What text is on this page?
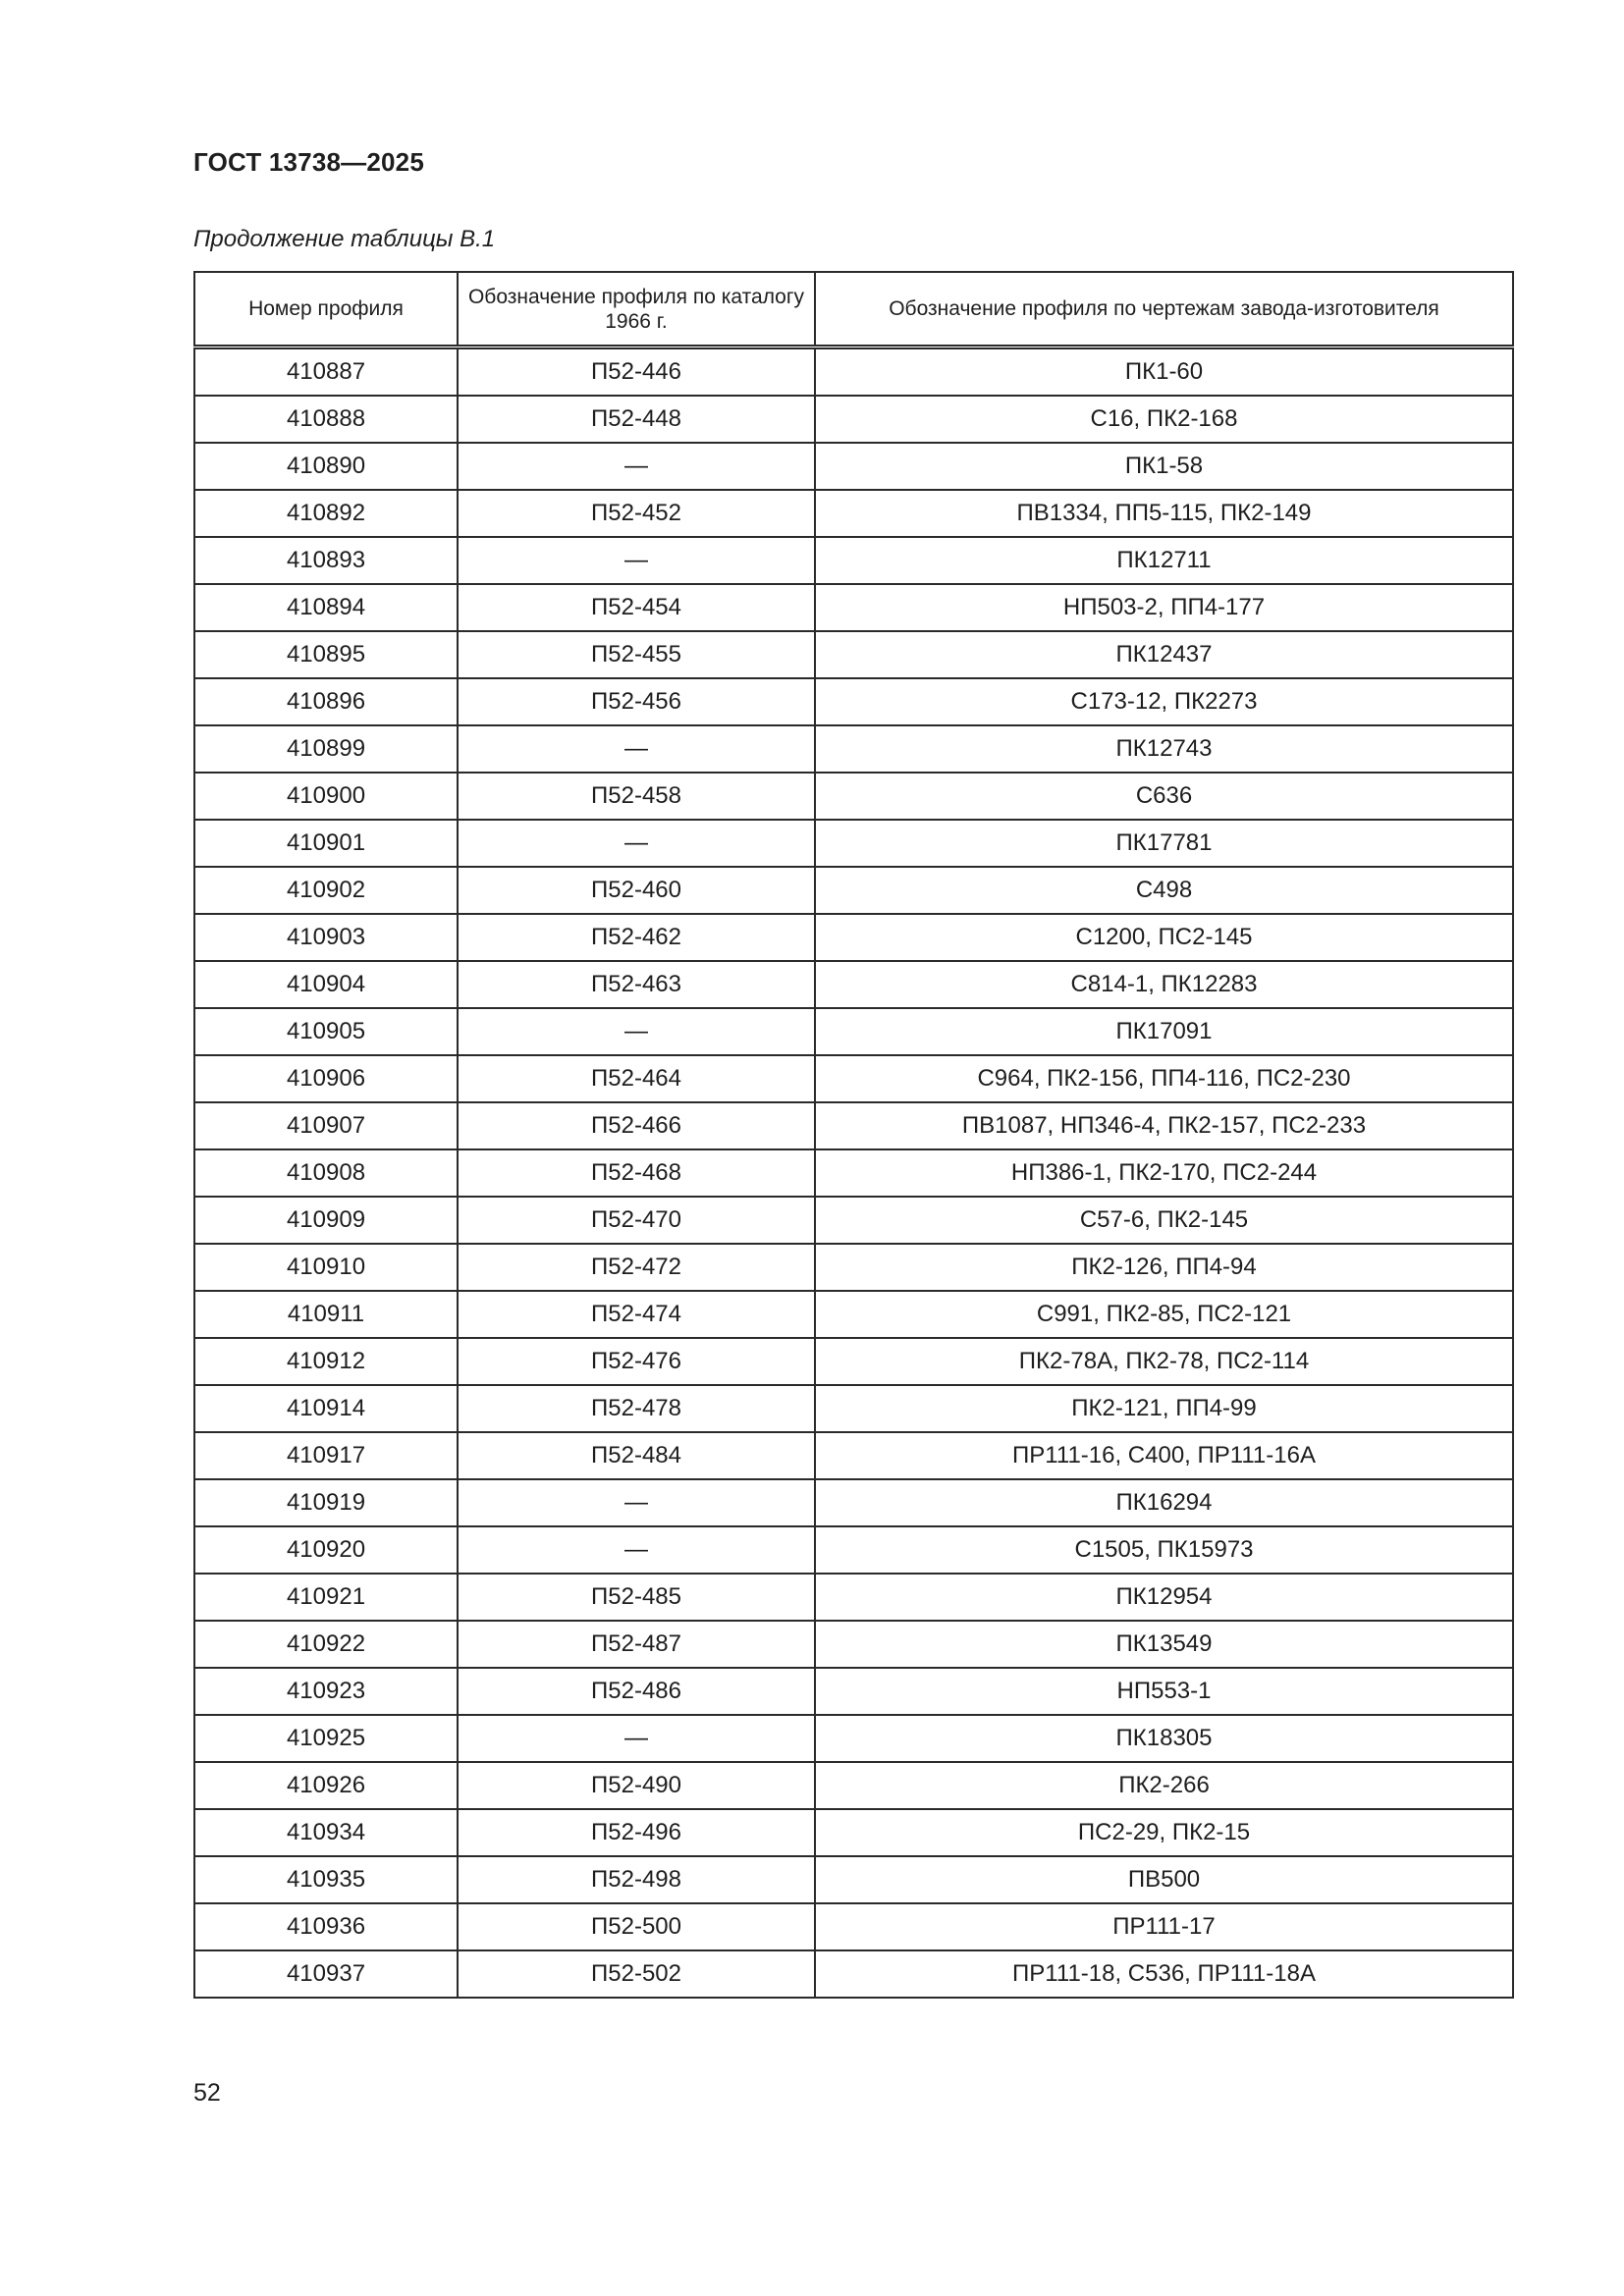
ГОСТ 13738—2025
Продолжение таблицы В.1
Номер профиля	Обозначение профиля по каталогу 1966 г.	Обозначение профиля по чертежам завода-изготовителя
410887	П52-446	ПК1-60
410888	П52-448	С16, ПК2-168
410890	—	ПК1-58
410892	П52-452	ПВ1334, ПП5-115, ПК2-149
410893	—	ПК12711
410894	П52-454	НП503-2, ПП4-177
410895	П52-455	ПК12437
410896	П52-456	С173-12, ПК2273
410899	—	ПК12743
410900	П52-458	С636
410901	—	ПК17781
410902	П52-460	С498
410903	П52-462	С1200, ПС2-145
410904	П52-463	С814-1, ПК12283
410905	—	ПК17091
410906	П52-464	С964, ПК2-156, ПП4-116, ПС2-230
410907	П52-466	ПВ1087, НП346-4, ПК2-157, ПС2-233
410908	П52-468	НП386-1, ПК2-170, ПС2-244
410909	П52-470	С57-6, ПК2-145
410910	П52-472	ПК2-126, ПП4-94
410911	П52-474	С991, ПК2-85, ПС2-121
410912	П52-476	ПК2-78А, ПК2-78, ПС2-114
410914	П52-478	ПК2-121, ПП4-99
410917	П52-484	ПР111-16, С400, ПР111-16А
410919	—	ПК16294
410920	—	С1505, ПК15973
410921	П52-485	ПК12954
410922	П52-487	ПК13549
410923	П52-486	НП553-1
410925	—	ПК18305
410926	П52-490	ПК2-266
410934	П52-496	ПС2-29, ПК2-15
410935	П52-498	ПВ500
410936	П52-500	ПР111-17
410937	П52-502	ПР111-18, С536, ПР111-18А
52
